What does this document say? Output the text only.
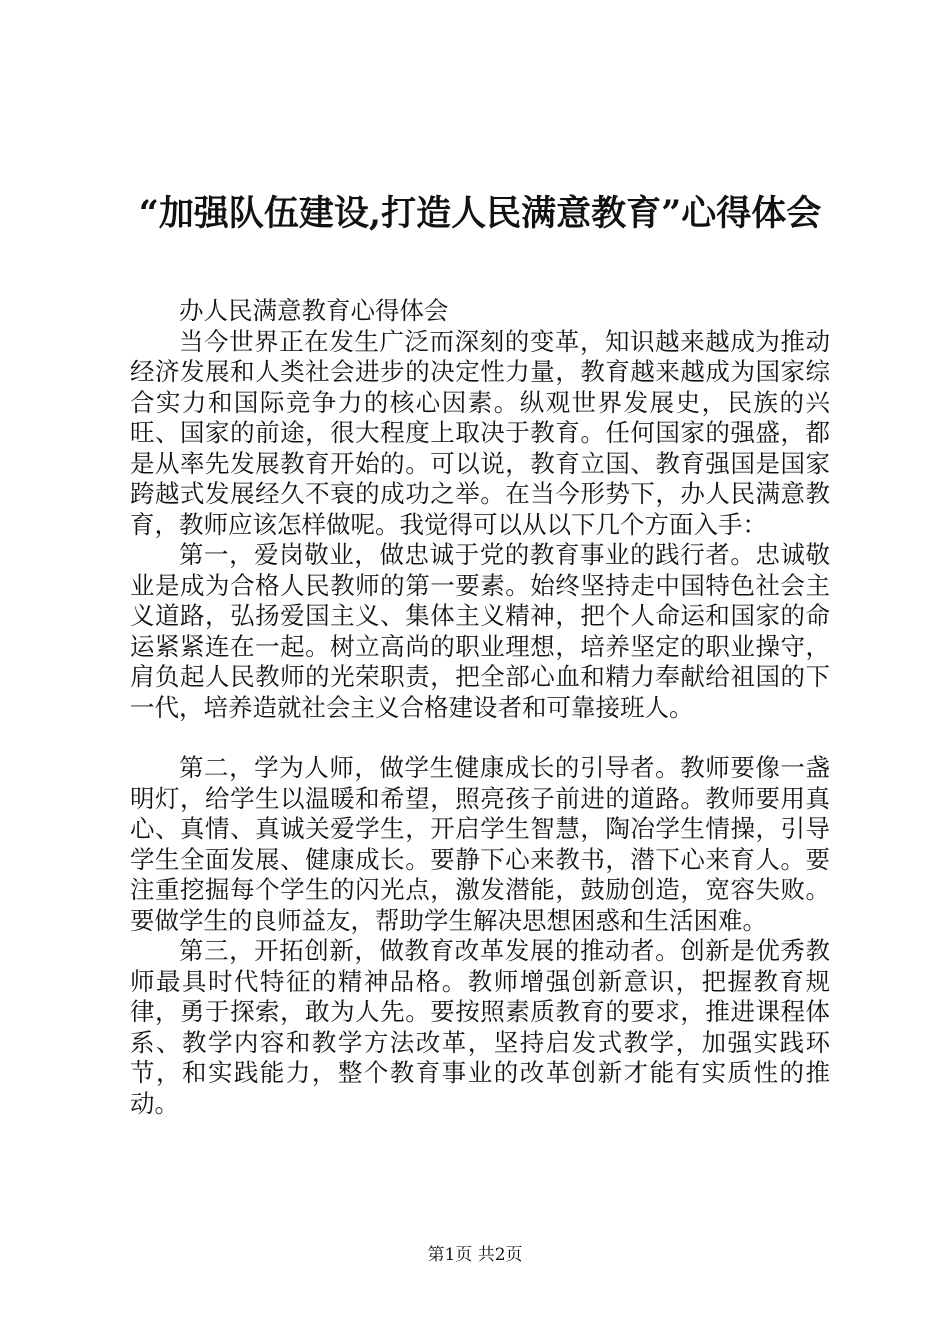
“加强队伍建设,打造人民满意教育”心得体会

办人民满意教育心得体会

当今世界正在发生广泛而深刻的变革，知识越来越成为推动经济发展和人类社会进步的决定性力量，教育越来越成为国家综合实力和国际竞争力的核心因素。纵观世界发展史，民族的兴旺、国家的前途，很大程度上取决于教育。任何国家的强盛，都是从率先发展教育开始的。可以说，教育立国、教育强国是国家跨越式发展经久不衰的成功之举。在当今形势下，办人民满意教育，教师应该怎样做呢。我觉得可以从以下几个方面入手：

第一，爱岗敬业，做忠诚于党的教育事业的践行者。忠诚敬业是成为合格人民教师的第一要素。始终坚持走中国特色社会主义道路，弘扬爱国主义、集体主义精神，把个人命运和国家的命运紧紧连在一起。树立高尚的职业理想，培养坚定的职业操守，肩负起人民教师的光荣职责，把全部心血和精力奉献给祖国的下一代，培养造就社会主义合格建设者和可靠接班人。

第二，学为人师，做学生健康成长的引导者。教师要像一盏明灯，给学生以温暖和希望，照亮孩子前进的道路。教师要用真心、真情、真诚关爱学生，开启学生智慧，陶冶学生情操，引导学生全面发展、健康成长。要静下心来教书，潜下心来育人。要注重挖掘每个学生的闪光点，激发潜能，鼓励创造，宽容失败。要做学生的良师益友，帮助学生解决思想困惑和生活困难。

第三，开拓创新，做教育改革发展的推动者。创新是优秀教师最具时代特征的精神品格。教师增强创新意识，把握教育规律，勇于探索，敢为人先。要按照素质教育的要求，推进课程体系、教学内容和教学方法改革，坚持启发式教学，加强实践环节，和实践能力，整个教育事业的改革创新才能有实质性的推动。

第1页 共2页
